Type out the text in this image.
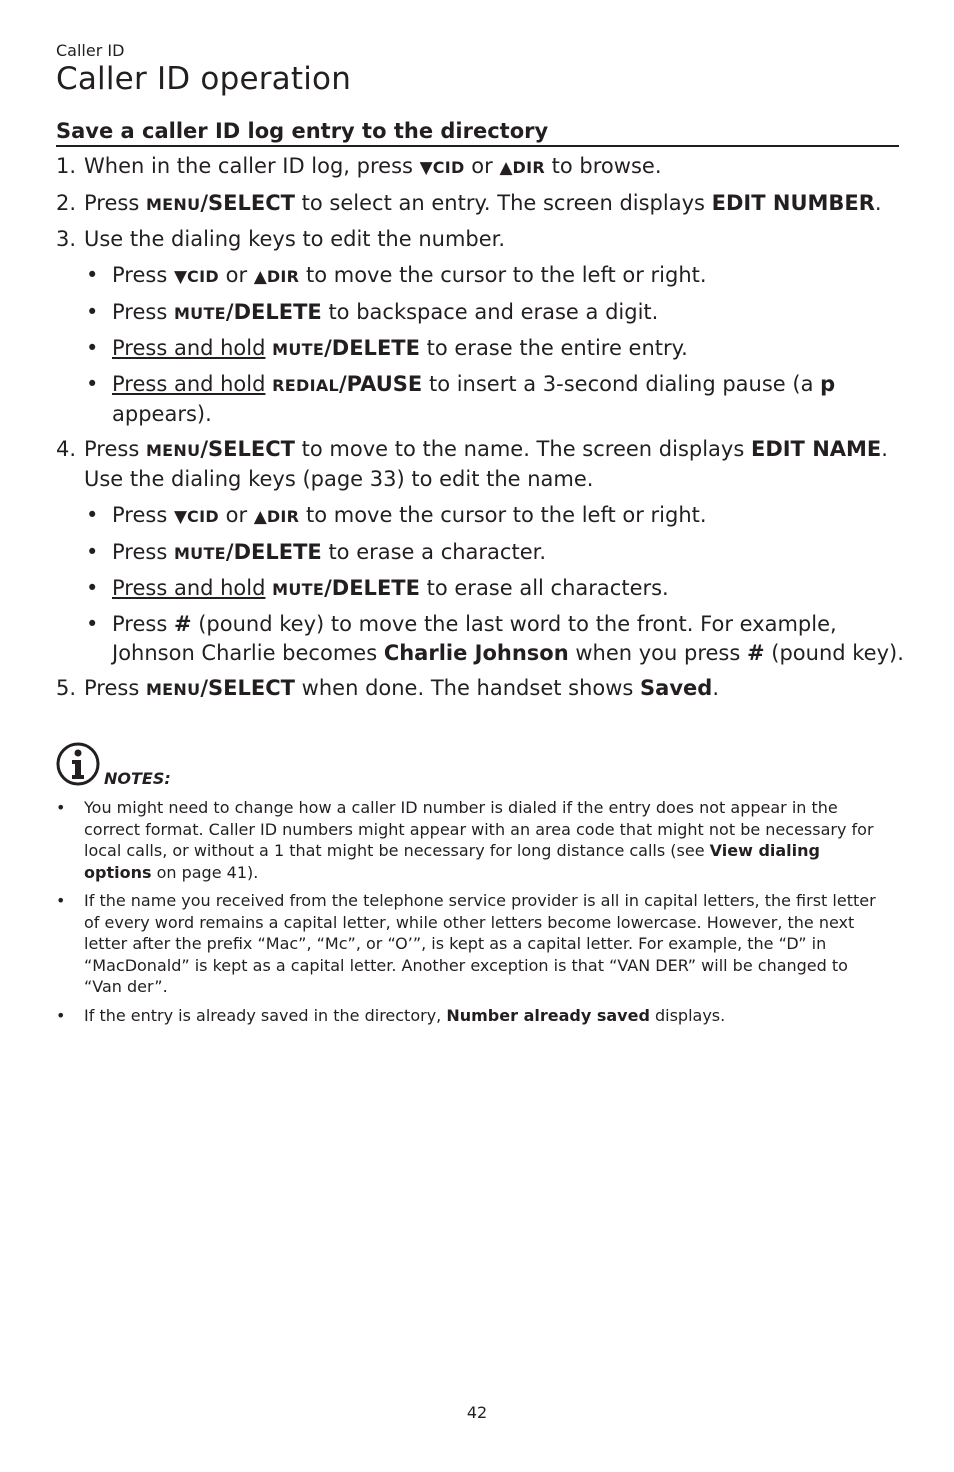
Caller ID
Caller ID operation
Save a caller ID log entry to the directory
1. When in the caller ID log, press ▼CID or ▲DIR to browse.
2. Press MENU/SELECT to select an entry. The screen displays EDIT NUMBER.
3. Use the dialing keys to edit the number.
• Press ▼CID or ▲DIR to move the cursor to the left or right.
• Press MUTE/DELETE to backspace and erase a digit.
• Press and hold MUTE/DELETE to erase the entire entry.
• Press and hold REDIAL/PAUSE to insert a 3-second dialing pause (a p appears).
4. Press MENU/SELECT to move to the name. The screen displays EDIT NAME. Use the dialing keys (page 33) to edit the name.
• Press ▼CID or ▲DIR to move the cursor to the left or right.
• Press MUTE/DELETE to erase a character.
• Press and hold MUTE/DELETE to erase all characters.
• Press # (pound key) to move the last word to the front. For example, Johnson Charlie becomes Charlie Johnson when you press # (pound key).
5. Press MENU/SELECT when done. The handset shows Saved.
NOTES:
• You might need to change how a caller ID number is dialed if the entry does not appear in the correct format. Caller ID numbers might appear with an area code that might not be necessary for local calls, or without a 1 that might be necessary for long distance calls (see View dialing options on page 41).
• If the name you received from the telephone service provider is all in capital letters, the first letter of every word remains a capital letter, while other letters become lowercase. However, the next letter after the prefix “Mac”, “Mc”, or “O’”, is kept as a capital letter. For example, the “D” in “MacDonald” is kept as a capital letter. Another exception is that “VAN DER” will be changed to “Van der”.
• If the entry is already saved in the directory, Number already saved displays.
42
